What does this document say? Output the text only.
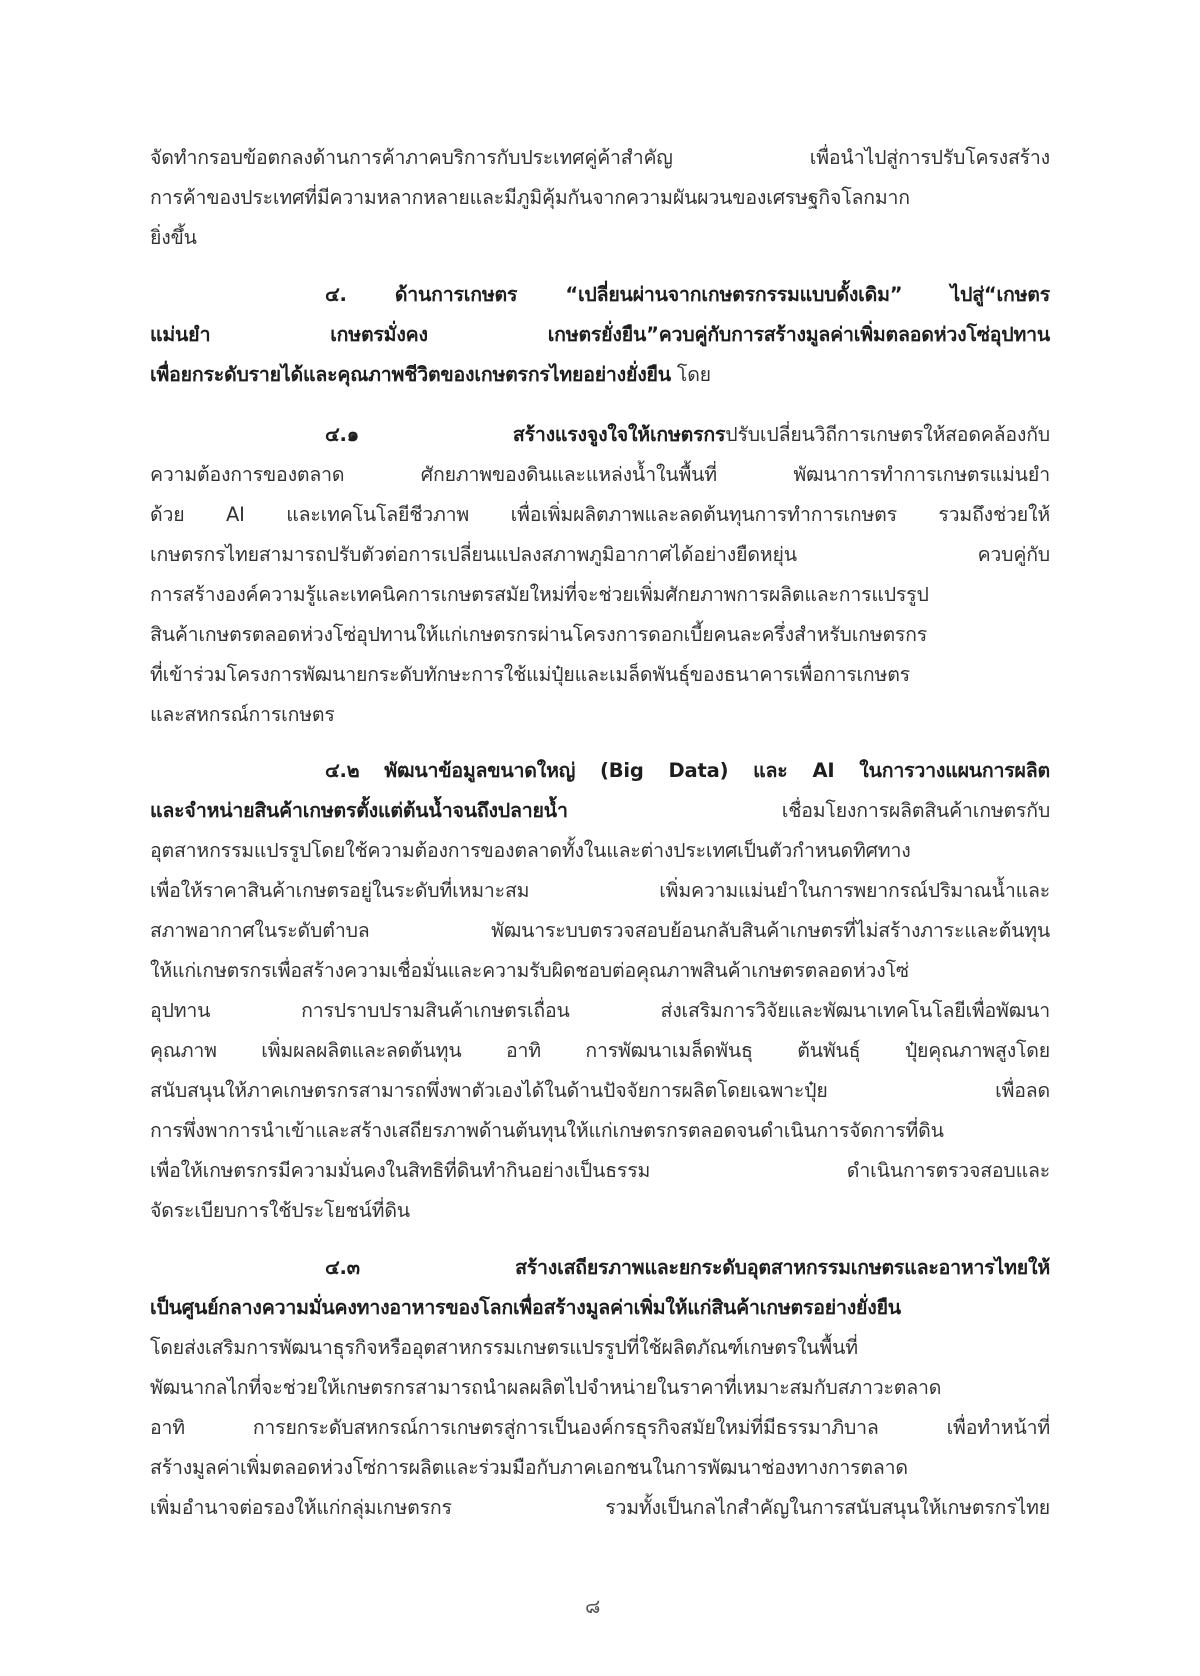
จัดทำกรอบข้อตกลงด้านการค้าภาคบริการกับประเทศคู่ค้าสำคัญ เพื่อนำไปสู่การปรับโครงสร้าง
การค้าของประเทศที่มีความหลากหลายและมีภูมิคุ้มกันจากความผันผวนของเศรษฐกิจโลกมาก
ยิ่งขึ้น
๔. ด้านการเกษตร “เปลี่ยนผ่านจากเกษตรกรรมแบบดั้งเดิม” ไปสู่“เกษตร
แม่นยำ เกษตรมั่งคง เกษตรยั่งยืน”ควบคู่กับการสร้างมูลค่าเพิ่มตลอดห่วงโซ่อุปทาน
เพื่อยกระดับรายได้และคุณภาพชีวิตของเกษตรกรไทยอย่างยั่งยืน โดย
๔.๑ สร้างแรงจูงใจให้เกษตรกรปรับเปลี่ยนวิถีการเกษตรให้สอดคล้องกับ
ความต้องการของตลาด ศักยภาพของดินและแหล่งน้ำในพื้นที่ พัฒนาการทำการเกษตรแม่นยำ
ด้วย AI และเทคโนโลยีชีวภาพ เพื่อเพิ่มผลิตภาพและลดต้นทุนการทำการเกษตร รวมถึงช่วยให้
เกษตรกรไทยสามารถปรับตัวต่อการเปลี่ยนแปลงสภาพภูมิอากาศได้อย่างยืดหยุ่น ควบคู่กับ
การสร้างองค์ความรู้และเทคนิคการเกษตรสมัยใหม่ที่จะช่วยเพิ่มศักยภาพการผลิตและการแปรรูป
สินค้าเกษตรตลอดห่วงโซ่อุปทานให้แก่เกษตรกรผ่านโครงการดอกเบี้ยคนละครึ่งสำหรับเกษตรกร
ที่เข้าร่วมโครงการพัฒนายกระดับทักษะการใช้แม่ปุ๋ยและเมล็ดพันธุ์ของธนาคารเพื่อการเกษตร
และสหกรณ์การเกษตร
๔.๒ พัฒนาข้อมูลขนาดใหญ่ (Big Data) และ AI ในการวางแผนการผลิต
และจำหน่ายสินค้าเกษตรตั้งแต่ต้นน้ำจนถึงปลายน้ำ เชื่อมโยงการผลิตสินค้าเกษตรกับ
อุตสาหกรรมแปรรูปโดยใช้ความต้องการของตลาดทั้งในและต่างประเทศเป็นตัวกำหนดทิศทาง
เพื่อให้ราคาสินค้าเกษตรอยู่ในระดับที่เหมาะสม เพิ่มความแม่นยำในการพยากรณ์ปริมาณน้ำและ
สภาพอากาศในระดับตำบล พัฒนาระบบตรวจสอบย้อนกลับสินค้าเกษตรที่ไม่สร้างภาระและต้นทุน
ให้แก่เกษตรกรเพื่อสร้างความเชื่อมั่นและความรับผิดชอบต่อคุณภาพสินค้าเกษตรตลอดห่วงโซ่
อุปทาน การปราบปรามสินค้าเกษตรเถื่อน ส่งเสริมการวิจัยและพัฒนาเทคโนโลยีเพื่อพัฒนา
คุณภาพ เพิ่มผลผลิตและลดต้นทุน อาทิ การพัฒนาเมล็ดพันธุ ต้นพันธุ์ ปุ๋ยคุณภาพสูงโดย
สนับสนุนให้ภาคเกษตรกรสามารถพึ่งพาตัวเองได้ในด้านปัจจัยการผลิตโดยเฉพาะปุ๋ย เพื่อลด
การพึ่งพาการนำเข้าและสร้างเสถียรภาพด้านต้นทุนให้แก่เกษตรกรตลอดจนดำเนินการจัดการที่ดิน
เพื่อให้เกษตรกรมีความมั่นคงในสิทธิที่ดินทำกินอย่างเป็นธรรม ดำเนินการตรวจสอบและ
จัดระเบียบการใช้ประโยชน์ที่ดิน
๔.๓ สร้างเสถียรภาพและยกระดับอุตสาหกรรมเกษตรและอาหารไทยให้
เป็นศูนย์กลางความมั่นคงทางอาหารของโลกเพื่อสร้างมูลค่าเพิ่มให้แก่สินค้าเกษตรอย่างยั่งยืน
โดยส่งเสริมการพัฒนาธุรกิจหรืออุตสาหกรรมเกษตรแปรรูปที่ใช้ผลิตภัณฑ์เกษตรในพื้นที่
พัฒนากลไกที่จะช่วยให้เกษตรกรสามารถนำผลผลิตไปจำหน่ายในราคาที่เหมาะสมกับสภาวะตลาด
อาทิ การยกระดับสหกรณ์การเกษตรสู่การเป็นองค์กรธุรกิจสมัยใหม่ที่มีธรรมาภิบาล เพื่อทำหน้าที่
สร้างมูลค่าเพิ่มตลอดห่วงโซ่การผลิตและร่วมมือกับภาคเอกชนในการพัฒนาช่องทางการตลาด
เพิ่มอำนาจต่อรองให้แก่กลุ่มเกษตรกร รวมทั้งเป็นกลไกสำคัญในการสนับสนุนให้เกษตรกรไทย
๘
